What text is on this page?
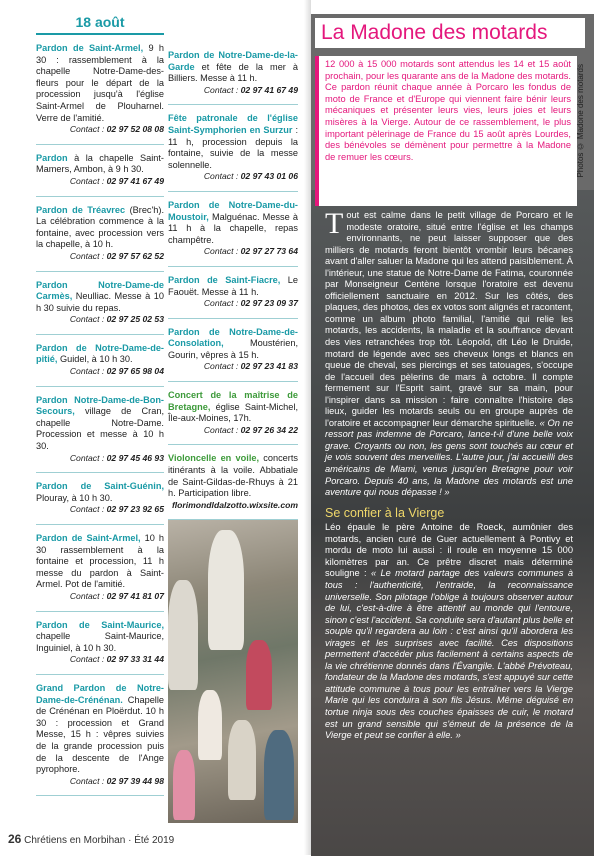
18 août
Pardon de Saint-Armel, 9 h 30 : rassemblement à la chapelle Notre-Dame-des-fleurs pour le départ de la procession jusqu'à l'église Saint-Armel de Plouharnel. Verre de l'amitié.
Contact : 02 97 52 08 08
Pardon à la chapelle Saint-Mamers, Ambon, à 9 h 30.
Contact : 02 97 41 67 49
Pardon de Tréavrec (Brec'h). La célébration commence à la fontaine, avec procession vers la chapelle, à 10 h.
Contact : 02 97 57 62 52
Pardon Notre-Dame-de Carmès, Neulliac. Messe à 10 h 30 suivie du repas.
Contact : 02 97 25 02 53
Pardon de Notre-Dame-de-pitié, Guidel, à 10 h 30.
Contact : 02 97 65 98 04
Pardon Notre-Dame-de-Bon-Secours, village de Cran, chapelle Notre-Dame. Procession et messe à 10 h 30.
Contact : 02 97 45 46 93
Pardon de Saint-Guénin, Plouray, à 10 h 30.
Contact : 02 97 23 92 65
Pardon de Saint-Armel, 10 h 30 rassemblement à la fontaine et procession, 11 h messe du pardon à Saint-Armel. Pot de l'amitié.
Contact : 02 97 41 81 07
Pardon de Saint-Maurice, chapelle Saint-Maurice, Inguiniel, à 10 h 30.
Contact : 02 97 33 31 44
Grand Pardon de Notre-Dame-de-Crénénan. Chapelle de Crénénan en Ploërdut. 10 h 30 : procession et Grand Messe, 15 h : vêpres suivies de la grande procession puis de la descente de l'Ange pyrophore.
Contact : 02 97 39 44 98
Pardon de Notre-Dame-de-la-Garde et fête de la mer à Billiers. Messe à 11 h.
Contact : 02 97 41 67 49
Fête patronale de l'église Saint-Symphorien en Surzur : 11 h, procession depuis la fontaine, suivie de la messe solennelle.
Contact : 02 97 43 01 06
Pardon de Notre-Dame-du-Moustoir, Malguénac. Messe à 11 h à la chapelle, repas champêtre.
Contact : 02 97 27 73 64
Pardon de Saint-Fiacre, Le Faouët. Messe à 11 h.
Contact : 02 97 23 09 37
Pardon de Notre-Dame-de-Consolation, Moustérien, Gourin, vêpres à 15 h.
Contact : 02 97 23 41 83
Concert de la maîtrise de Bretagne, église Saint-Michel, Île-aux-Moines, 17h.
Contact : 02 97 26 34 22
Violoncelle en voile, concerts itinérants à la voile. Abbatiale de Saint-Gildas-de-Rhuys à 21 h. Participation libre.
florimondldalzotto.wixsite.com
La Madone des motards
12 000 à 15 000 motards sont attendus les 14 et 15 août prochain, pour les quarante ans de la Madone des motards. Ce pardon réunit chaque année à Porcaro les fondus de moto de France et d'Europe qui viennent faire bénir leurs mécaniques et présenter leurs vies, leurs joies et leurs misères à la Vierge. Autour de ce rassemblement, le plus important pèlerinage de France du 15 août après Lourdes, des bénévoles se démènent pour permettre à la Madone de remuer les cœurs.

Tout est calme dans le petit village de Porcaro et le modeste oratoire, situé entre l'église et les champs environnants, ne peut laisser supposer que des milliers de motards feront bientôt vrombir leurs bécanes avant d'aller saluer la Madone qui les attend paisiblement. À l'intérieur, une statue de Notre-Dame de Fatima, couronnée par Monseigneur Centène lorsque l'oratoire est devenu officiellement sanctuaire en 2012. Sur les côtés, des plaques, des photos, des ex votos sont alignés et racontent, comme un album photo familial, l'amitié qui relie les motards, les accidents, la maladie et la souffrance devant des vies retranchées trop tôt. Léopold, dit Léo le Druide, motard de légende avec ses cheveux longs et blancs en queue de cheval, ses piercings et ses tatouages, s'occupe de l'accueil des pèlerins de mars à octobre. Il compte fermement sur l'Esprit saint, gravé sur sa main, pour l'inspirer dans sa mission : faire connaître l'histoire des lieux, guider les motards seuls ou en groupe auprès de l'oratoire et accompagner leur démarche spirituelle. « On ne ressort pas indemne de Porcaro, lance-t-il d'une belle voix grave. Croyants ou non, les gens sont touchés au cœur et je vois souvent des merveilles. L'autre jour, j'ai accueilli des américains de Miami, venus jusqu'en Bretagne pour voir Porcaro. Depuis 40 ans, la Madone des motards est une aventure qui nous dépasse ! »

Se confier à la Vierge

Léo épaule le père Antoine de Roeck, aumônier des motards, ancien curé de Guer actuellement à Pontivy et mordu de moto lui aussi : il roule en moyenne 15 000 kilomètres par an. Ce prêtre discret mais déterminé souligne : « Le motard partage des valeurs communes à tous : l'authenticité, l'entraide, la reconnaissance universelle. Son pilotage l'oblige à toujours observer autour de lui, c'est-à-dire à être attentif au monde qui l'entoure, sinon c'est l'accident. Sa conduite sera d'autant plus belle et souple qu'il regardera au loin : c'est ainsi qu'il abordera les virages et les surprises avec facilité. Ces dispositions permettent d'accéder plus facilement à certains aspects de la vie chrétienne donnés dans l'Évangile. L'abbé Prévoteau, fondateur de la Madone des motards, s'est appuyé sur cette attitude commune à tous pour les entraîner vers la Vierge Marie qui les conduira à son fils Jésus. Même déguisé en tortue ninja sous des couches épaisses de cuir, le motard est un grand sensible qui s'émeut de la présence de la Vierge et peut se confier à elle. »

Photos © Madone des motards
26 Chrétiens en Morbihan · Été 2019
